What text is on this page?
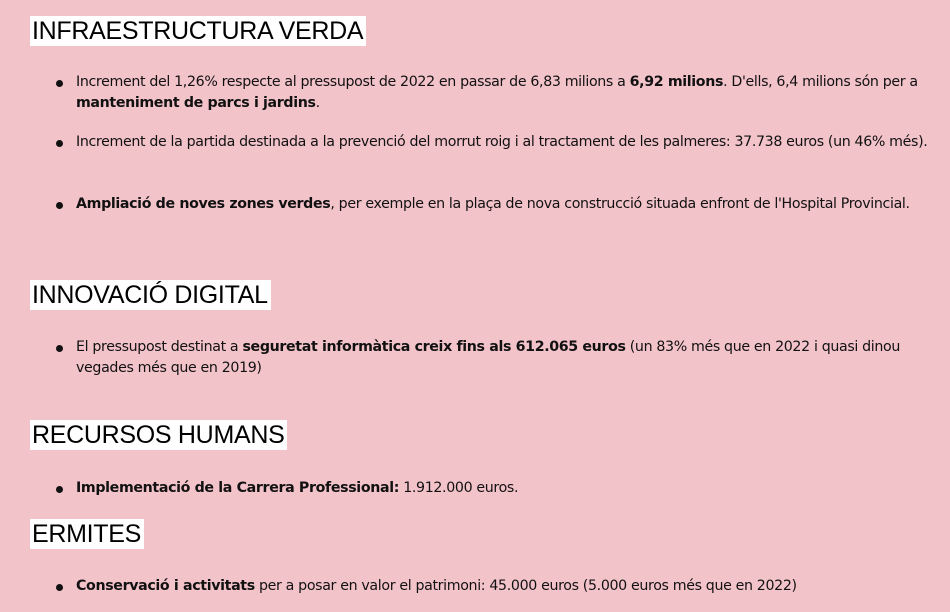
INFRAESTRUCTURA VERDA
Increment del 1,26% respecte al pressupost de 2022 en passar de 6,83 milions a 6,92 milions. D'ells, 6,4 milions són per a manteniment de parcs i jardins.
Increment de la partida destinada a la prevenció del morrut roig i al tractament de les palmeres: 37.738 euros (un 46% més).
Ampliació de noves zones verdes, per exemple en la plaça de nova construcció situada enfront de l'Hospital Provincial.
INNOVACIÓ DIGITAL
El pressupost destinat a seguretat informàtica creix fins als 612.065 euros (un 83% més que en 2022 i quasi dinou vegades més que en 2019)
RECURSOS HUMANS
Implementació de la Carrera Professional: 1.912.000 euros.
ERMITES
Conservació i activitats per a posar en valor el patrimoni: 45.000 euros (5.000 euros més que en 2022)
